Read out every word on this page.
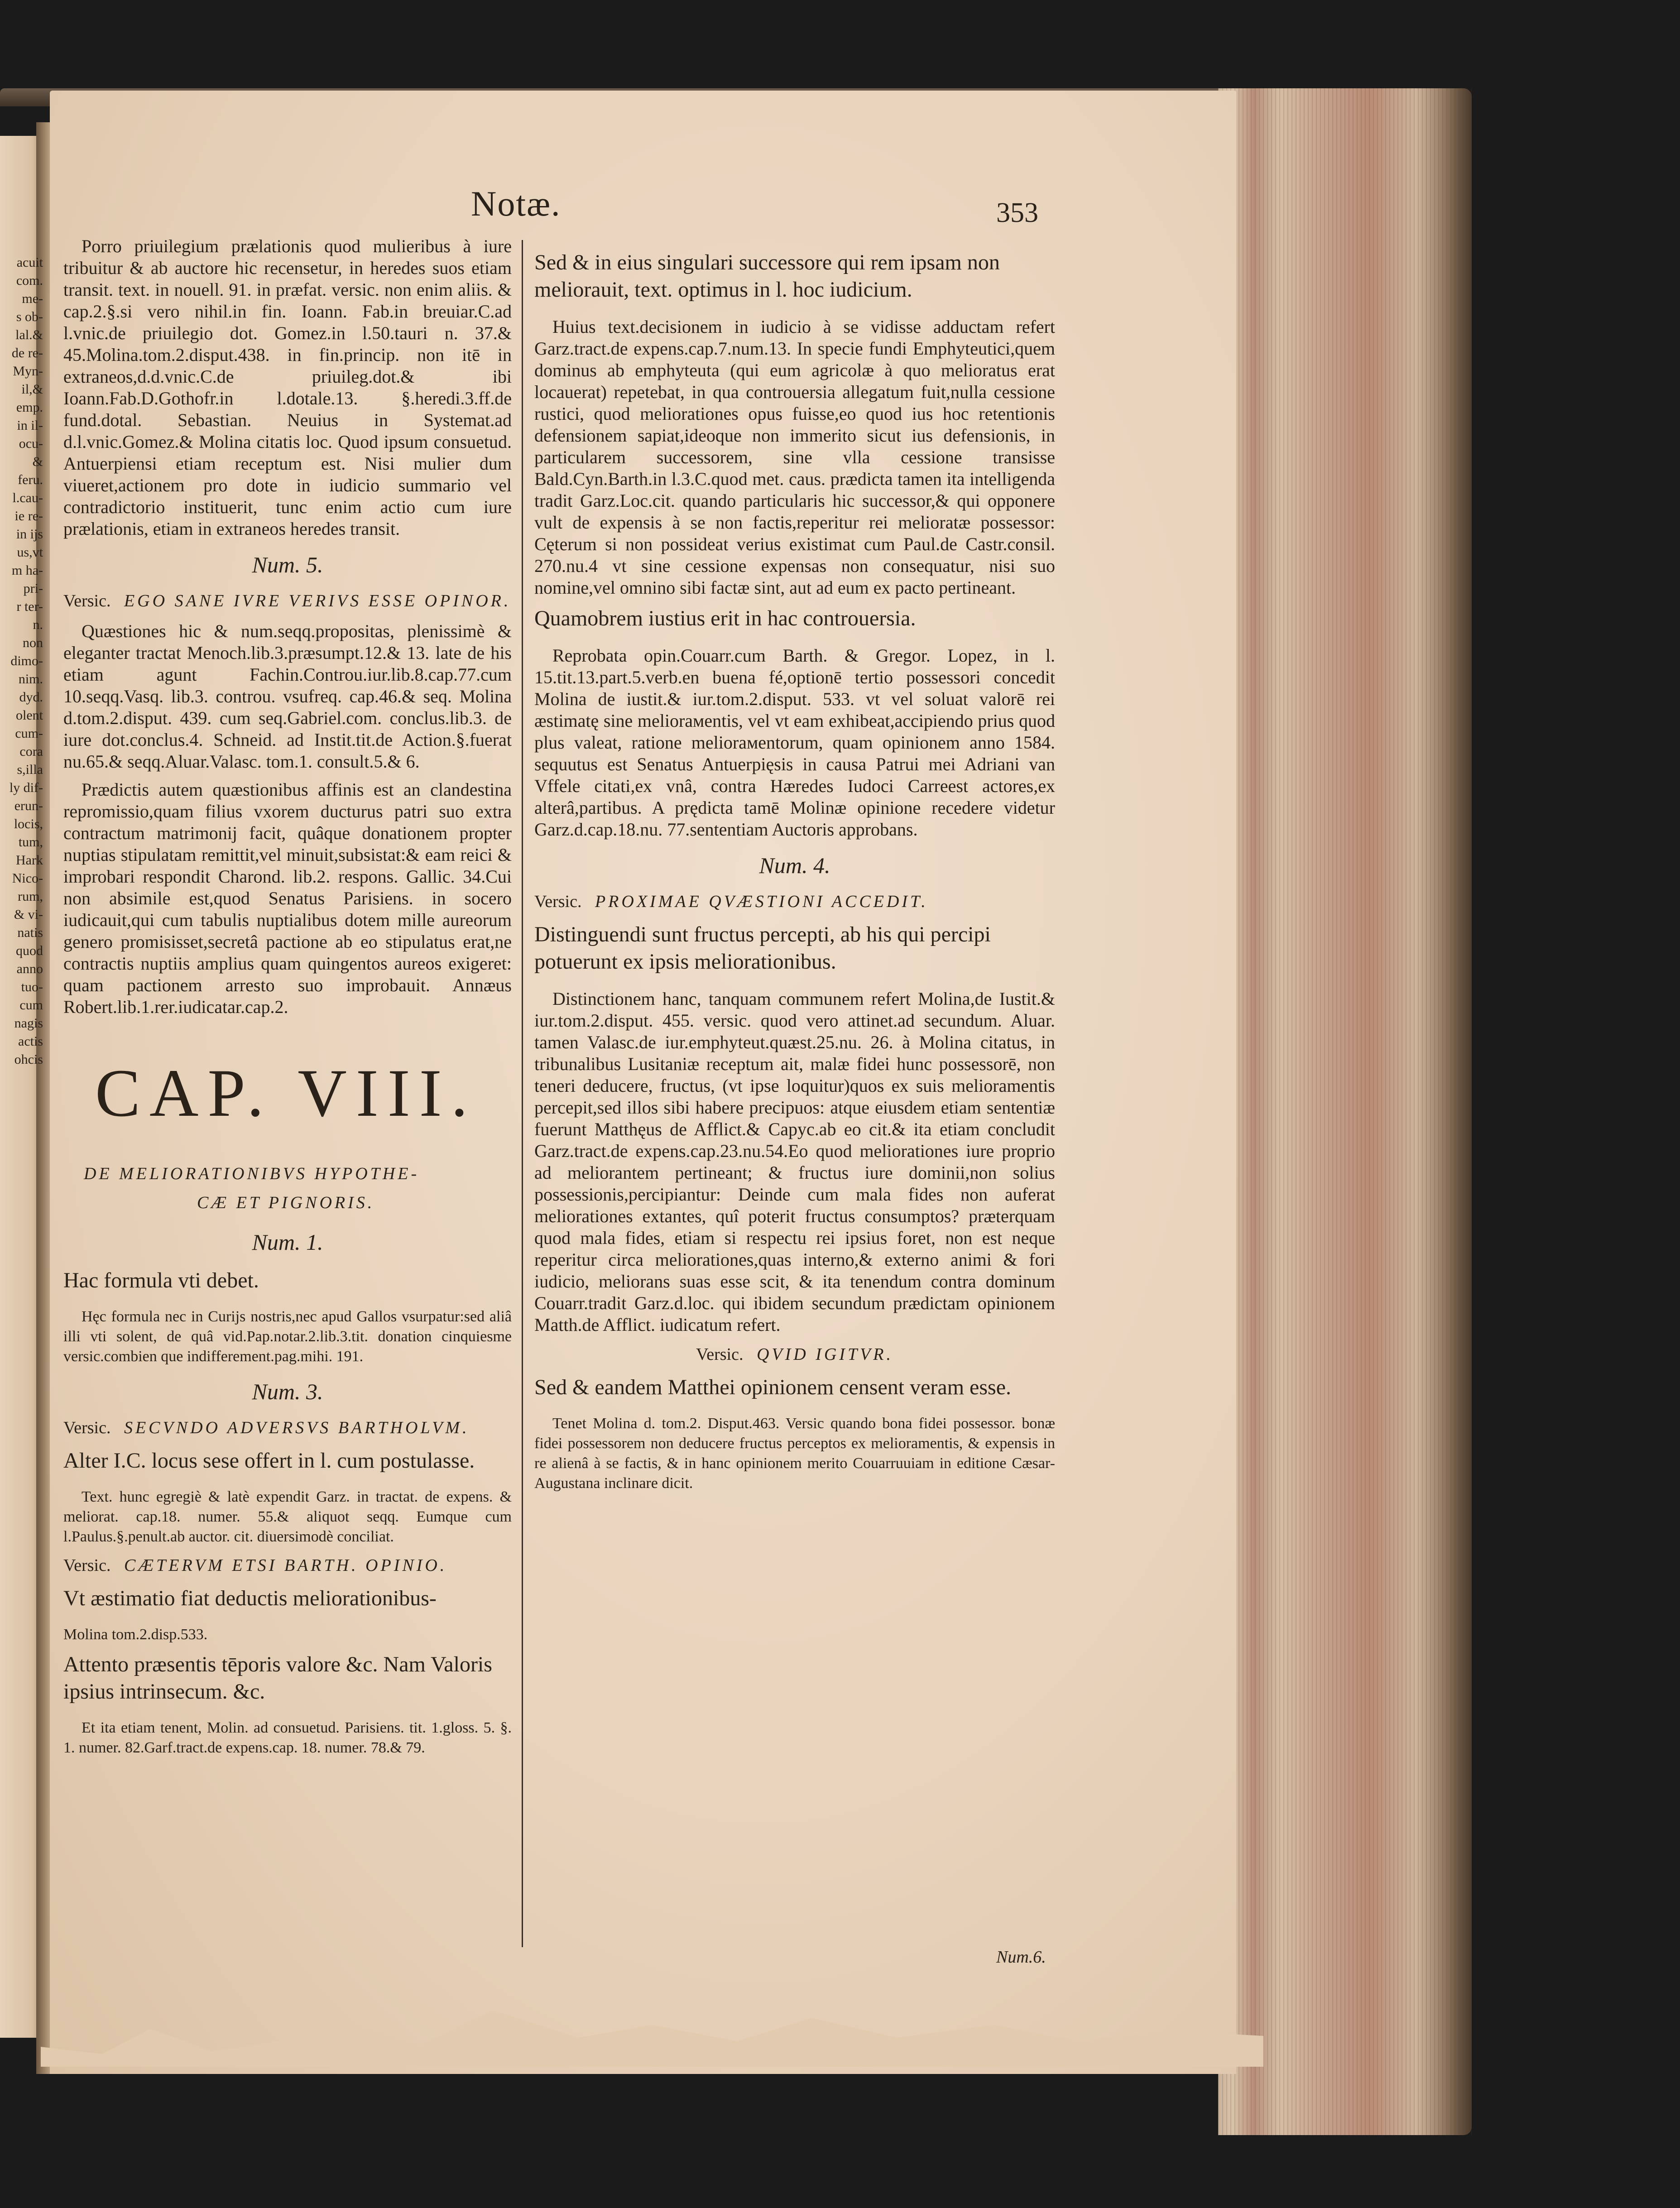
acuit
com.
me-
s ob-
lal.&
de re-
Myn-
il,&
emp.
in il-
ocu-
&
feru.
l.cau-
ie re-
in ijs
us,vt
m ha-
pri-
r ter-
n.
non
dimo-
nim.
dyd.
olent
cum-
cora
s,illa
ly dif-
erun-
locis,
tum,
Hark
Nico-
rum,
& vi-
natis
quod
anno
tuo-
cum
nagis
actis
ohcis
Notæ.	353

Porro priuilegium prælationis quod mulieribus à iure tribuitur & ab auctore hic recensetur, in heredes suos etiam transit. text. in nouell. 91. in præfat. versic. non enim aliis. & cap.2.§.si vero nihil.in fin. Ioann. Fab.in breuiar.C.ad l.vnic.de priuilegio dot. Gomez.in l.50.tauri n. 37.& 45.Molina.tom.2.disput.438. in fin.princip. non itē in extraneos,d.d.vnic.C.de priuileg.dot.& ibi Ioann.Fab.D.Gothofr.in l.dotale.13. §.heredi.3.ff.de fund.dotal. Sebastian. Neuius in Systemat.ad d.l.vnic.Gomez.& Molina citatis loc. Quod ipsum consuetud. Antuerpiensi etiam receptum est. Nisi mulier dum viueret,actionem pro dote in iudicio summario vel contradictorio instituerit, tunc enim actio cum iure prælationis, etiam in extraneos heredes transit.

Num. 5.
Versic. EGO SANE IVRE VERIVS ESSE OPINOR.

Quæstiones hic & num.seqq.propositas, plenissimè & eleganter tractat Menoch.lib.3.præsumpt.12.& 13. late de his etiam agunt Fachin.Controu.iur.lib.8.cap.77.cum 10.seqq.Vasq. lib.3. controu. vsufreq. cap.46.& seq. Molina d.tom.2.disput. 439. cum seq.Gabriel.com. conclus.lib.3. de iure dot.conclus.4. Schneid. ad Instit.tit.de Action.§.fuerat nu.65.& seqq.Aluar.Valasc. tom.1. consult.5.& 6.

Prædictis autem quæstionibus affinis est an clandestina repromissio,quam filius vxorem ducturus patri suo extra contractum matrimonij facit, quâque donationem propter nuptias stipulatam remittit,vel minuit,subsistat:& eam reici & improbari respondit Charond. lib.2. respons. Gallic. 34.Cui non absimile est,quod Senatus Parisiens. in socero iudicauit,qui cum tabulis nuptialibus dotem mille aureorum genero promisisset,secretâ pactione ab eo stipulatus erat,ne contractis nuptiis amplius quam quingentos aureos exigeret: quam pactionem arresto suo improbauit. Annæus Robert.lib.1.rer.iudicatar.cap.2.

CAP. VIII.
DE MELIORATIONIBVS HYPOTHE-
CÆ ET PIGNORIS.
Num. 1.
Hac formula vti debet.

Hęc formula nec in Curijs nostris,nec apud Gallos vsurpatur:sed aliâ illi vti solent, de quâ vid.Pap.notar.2.lib.3.tit. donation cinquiesme versic.combien que indifferement.pag.mihi. 191.

Num. 3.
Versic. SECVNDO ADVERSVS BARTHOLVM.
Alter I.C. locus sese offert in l. cum postulasse.

Text. hunc egregiè & latè expendit Garz. in tractat. de expens. & meliorat. cap.18. numer. 55.& aliquot seqq. Eumque cum l.Paulus.§.penult.ab auctor. cit. diuersimodè conciliat.

Versic. CÆTERVM ETSI BARTH. OPINIO.
Vt æstimatio fiat deductis meliorationibus-

Molina tom.2.disp.533.

Attento præsentis tēporis valore &c. Nam Valoris ipsius intrinsecum. &c.

Et ita etiam tenent, Molin. ad consuetud. Parisiens. tit. 1.gloss. 5. §. 1. numer. 82.Garf.tract.de expens.cap. 18. numer. 78.& 79.

Sed & in eius singulari successore qui rem ipsam non meliorauit, text. optimus in l. hoc iudicium.

Huius text.decisionem in iudicio à se vidisse adductam refert Garz.tract.de expens.cap.7.num.13. In specie fundi Emphyteutici,quem dominus ab emphyteuta (qui eum agricolæ à quo melioratus erat locauerat) repetebat, in qua controuersia allegatum fuit,nulla cessione rustici, quod meliorationes opus fuisse,eo quod ius hoc retentionis defensionem sapiat,ideoque non immerito sicut ius defensionis, in particularem successorem, sine vlla cessione transisse Bald.Cyn.Barth.in l.3.C.quod met. caus. prædicta tamen ita intelligenda tradit Garz.Loc.cit. quando particularis hic successor,& qui opponere vult de expensis à se non factis,reperitur rei melioratæ possessor: Cęterum si non possideat verius existimat cum Paul.de Castr.consil. 270.nu.4 vt sine cessione expensas non consequatur, nisi suo nomine,vel omnino sibi factæ sint, aut ad eum ex pacto pertineant.

Quamobrem iustius erit in hac controuersia.

Reprobata opin.Couarr.cum Barth. & Gregor. Lopez, in l. 15.tit.13.part.5.verb.en buena fé,optionē tertio possessori concedit Molina de iustit.& iur.tom.2.disput. 533. vt vel soluat valorē rei æstimatę sine meliorамentis, vel vt eam exhibeat,accipiendo prius quod plus valeat, ratione meliorамentorum, quam opinionem anno 1584. sequutus est Senatus Antuerpięsis in causa Patrui mei Adriani van Vffele citati,ex vnâ, contra Hæredes Iudoci Carreest actores,ex alterâ,partibus. A prędicta tamē Molinæ opinione recedere videtur Garz.d.cap.18.nu. 77.sententiam Auctoris approbans.

Num. 4.
Versic. PROXIMAE QVÆSTIONI ACCEDIT.
Distinguendi sunt fructus percepti, ab his qui percipi potuerunt ex ipsis meliorationibus.

Distinctionem hanc, tanquam communem refert Molina,de Iustit.& iur.tom.2.disput. 455. versic. quod vero attinet.ad secundum. Aluar. tamen Valasc.de iur.emphyteut.quæst.25.nu. 26. à Molina citatus, in tribunalibus Lusitaniæ receptum ait, malæ fidei hunc possessorē, non teneri deducere, fructus, (vt ipse loquitur)quos ex suis melioramentis percepit,sed illos sibi habere precipuos: atque eiusdem etiam sententiæ fuerunt Matthęus de Afflict.& Capyc.ab eo cit.& ita etiam concludit Garz.tract.de expens.cap.23.nu.54.Eo quod meliorationes iure proprio ad meliorantem pertineant; & fructus iure dominii,non solius possessionis,percipiantur: Deinde cum mala fides non auferat meliorationes extantes, quî poterit fructus consumptos? præterquam quod mala fides, etiam si respectu rei ipsius foret, non est neque reperitur circa meliorationes,quas interno,& externo animi & fori iudicio, meliorans suas esse scit, & ita tenendum contra dominum Couarr.tradit Garz.d.loc. qui ibidem secundum prædictam opinionem Matth.de Afflict. iudicatum refert.

Versic. QVID IGITVR.
Sed & eandem Matthei opinionem censent veram esse.

Tenet Molina d. tom.2. Disput.463. Versic quando bona fidei possessor. bonæ fidei possessorem non deducere fructus perceptos ex melioramentis, & expensis in re alienâ à se factis, & in hanc opinionem merito Couarruuiam in editione Cæsar-Augustana inclinare dicit.

Num.6.
